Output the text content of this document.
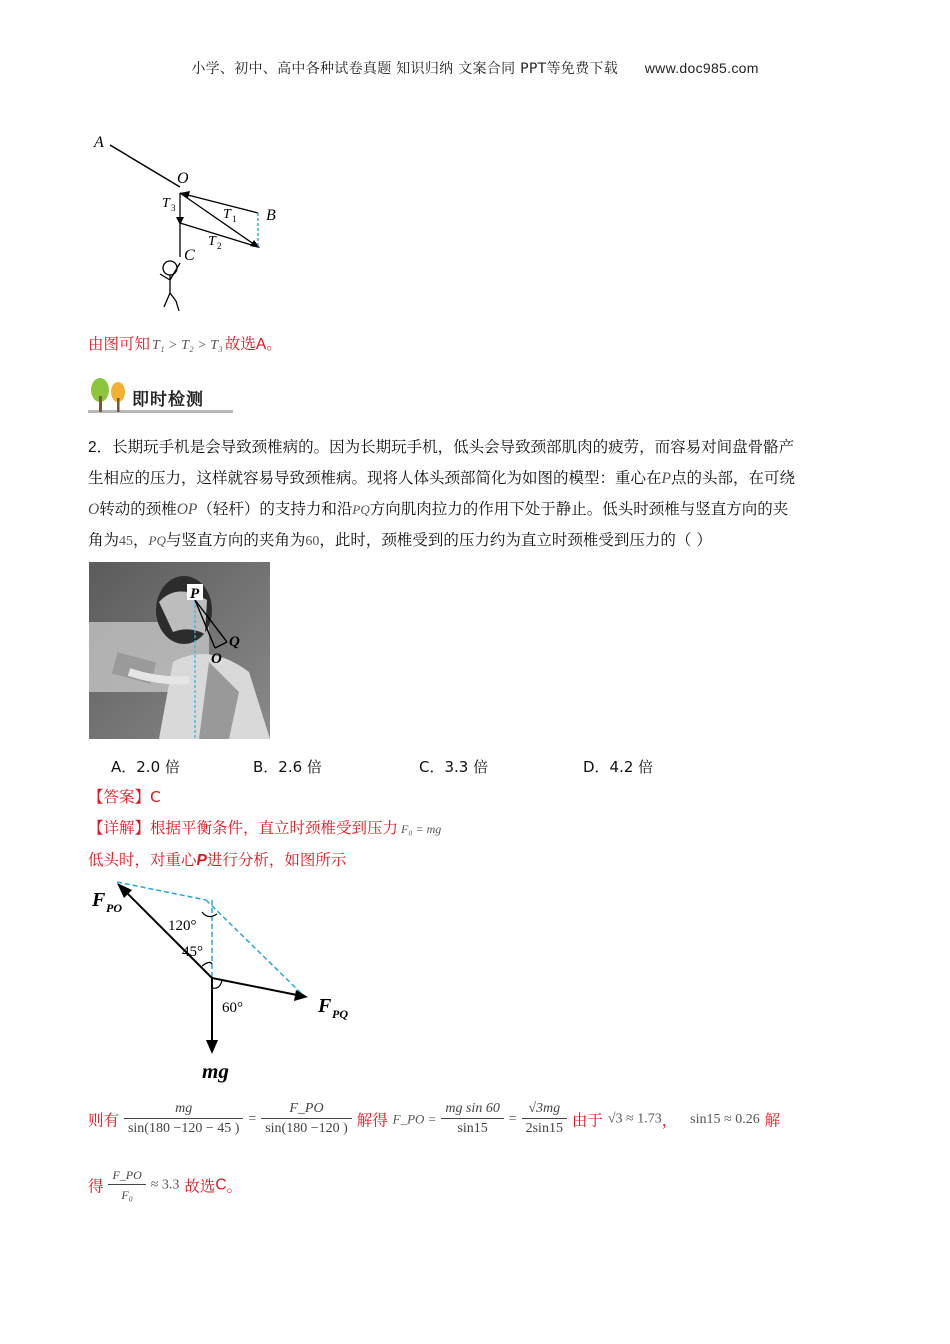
小学、初中、高中各种试卷真题 知识归纳 文案合同 PPT等免费下载 www.doc985.com
A
O
B
C
T 1
T 2
T 3
由图可知 T₁ > T₂ > T₃ 故选A。
即时检测
2．长期玩手机是会导致颈椎病的。因为长期玩手机，低头会导致颈部肌肉的疲劳，而容易对间盘骨骼产
生相应的压力，这样就容易导致颈椎病。现将人体头颈部简化为如图的模型：重心在P点的头部，在可绕
O转动的颈椎OP（轻杆）的支持力和沿PQ方向肌肉拉力的作用下处于静止。低头时颈椎与竖直方向的夹
角为45，PQ与竖直方向的夹角为60，此时，颈椎受到的压力约为直立时颈椎受到压力的（ ）
P
Q
O
A．2.0 倍	B．2.6 倍	C．3.3 倍	D．4.2 倍
【答案】C
【详解】根据平衡条件，直立时颈椎受到压力 F₀ = mg
低头时，对重心P进行分析，如图所示
F PO
F PQ
mg
120°
45°
60°
则有 $\frac{mg}{\sin(180 -120 - 45 )} = \frac{F\_PO}{\sin(180 -120 )}$ 解得 F_PO = $\frac{\text{mg sin 60}}{\sin 15} = \frac{√3mg}{2\sin 15}$ 由于 √3 ≈ 1.73， sin15 ≈ 0.26 解
得 $\frac{F\_PO}{\text{F₀}} \approx 3.3$ 故选C。
